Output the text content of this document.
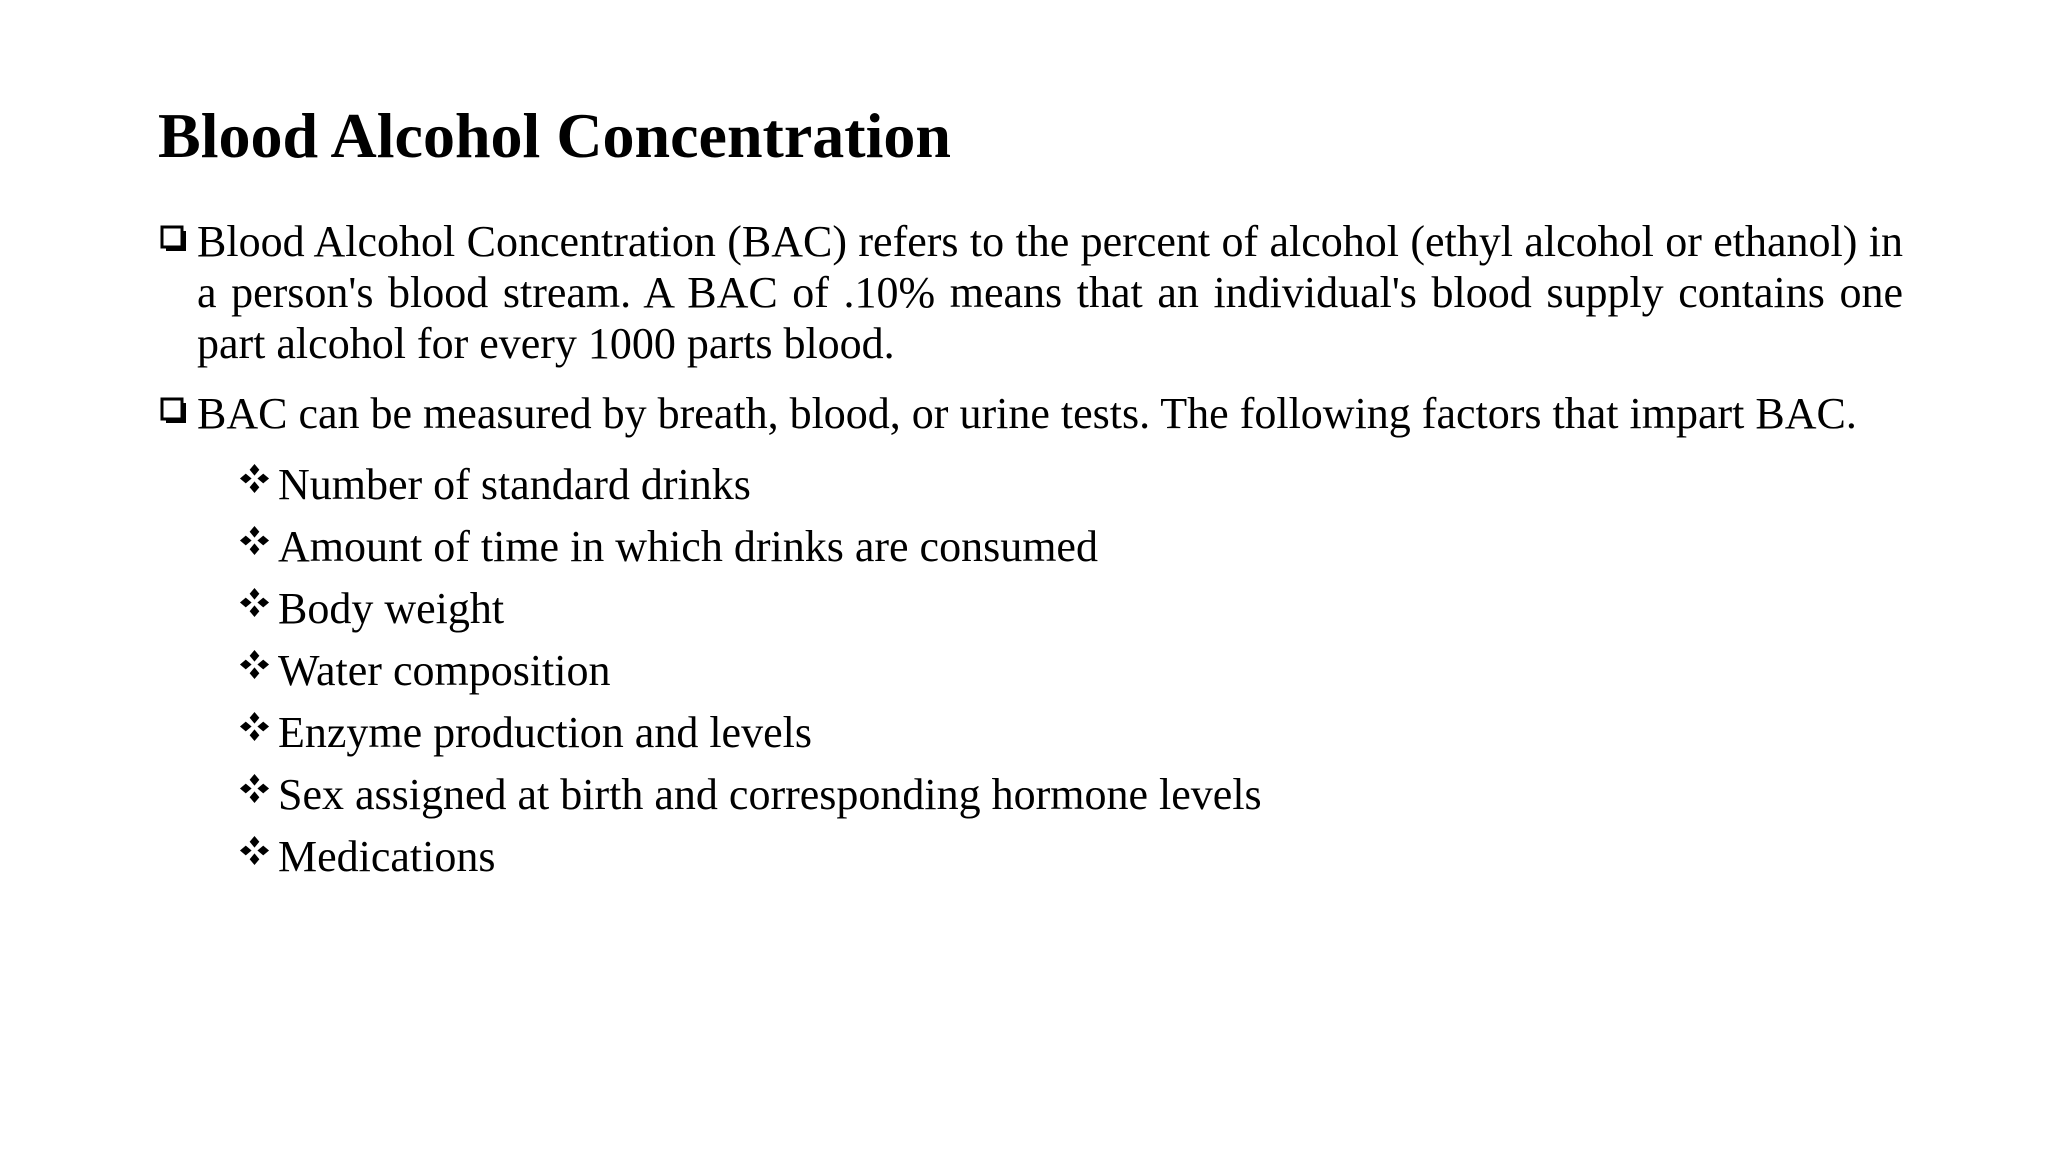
Blood Alcohol Concentration

Blood Alcohol Concentration (BAC) refers to the percent of alcohol (ethyl alcohol or ethanol) in a person's blood stream. A BAC of .10% means that an individual's blood supply contains one part alcohol for every 1000 parts blood.

BAC can be measured by breath, blood, or urine tests. The following factors that impart BAC.

Number of standard drinks
Amount of time in which drinks are consumed
Body weight
Water composition
Enzyme production and levels
Sex assigned at birth and corresponding hormone levels
Medications
